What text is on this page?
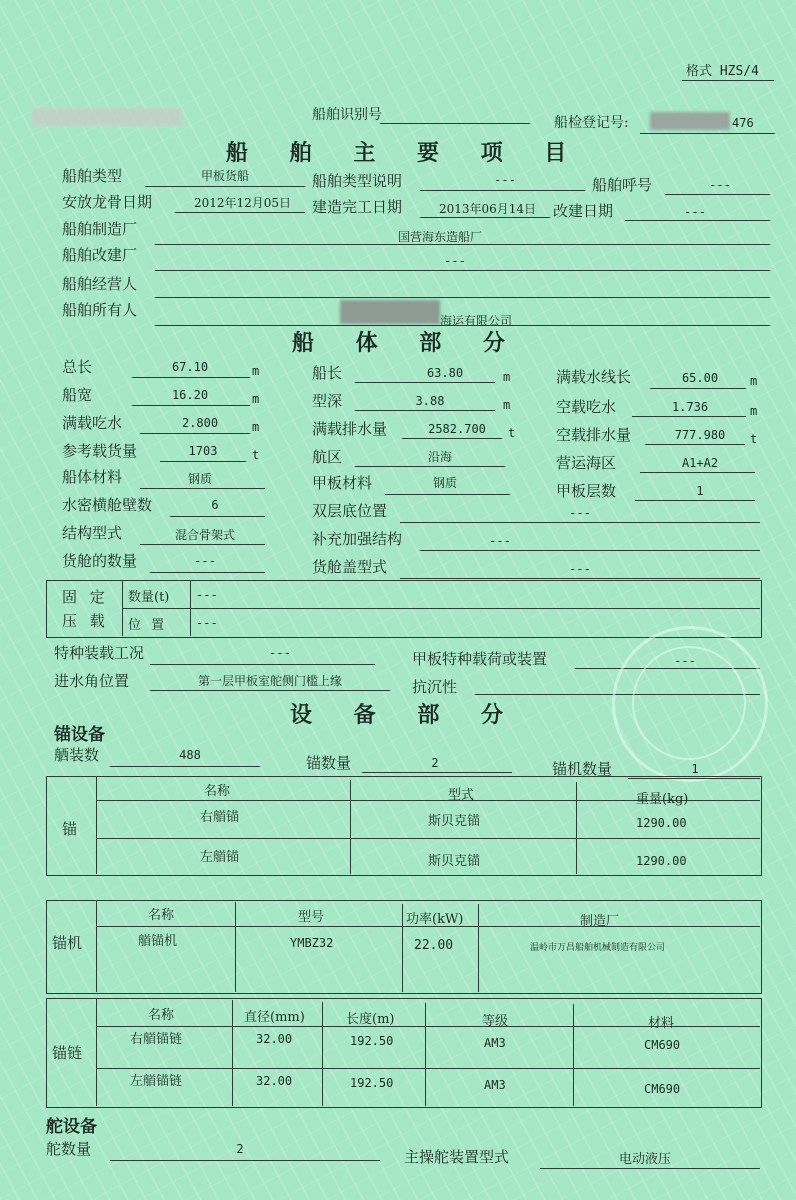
格式 HZS/4
船舶识别号	船检登记号:	476
船 舶 主 要 项 目
船舶类型	甲板货船	船舶类型说明	---	船舶呼号	---
安放龙骨日期	2012年12月05日	建造完工日期	2013年06月14日	改建日期	---
船舶制造厂	国营海东造船厂
船舶改建厂	---
船舶经营人
船舶所有人
海运有限公司
船 体 部 分
总长	67.10	m	船长	63.80	m	满载水线长	65.00	m
船宽	16.20	m	型深	3.88	m	空载吃水	1.736	m
满载吃水	2.800	m	满载排水量	2582.700	t	空载排水量	777.980	t
参考载货量	1703	t	航区	沿海	营运海区	A1+A2
船体材料	钢质	甲板材料	钢质	甲板层数	1
水密横舱壁数	6	双层底位置	---
结构型式	混合骨架式	补充加强结构	---
货舱的数量	---	货舱盖型式	---
固 定
压 载
数量(t) ---
位 置	---
特种装载工况	---	甲板特种载荷或装置	---
进水角位置	第一层甲板室舵侧门槛上缘	抗沉性
设 备 部 分
锚设备
舾装数	488	锚数量	2	锚机数量	1
锚
名称	型式	重量(kg)
右艏锚	斯贝克锚	1290.00
左艏锚	斯贝克锚	1290.00
锚机
名称	型号	功率(kW)	制造厂
艏锚机	YMBZ32	22.00	温岭市万昌船舶机械制造有限公司
锚链
名称	直径(mm)	长度(m)	等级	材料
右艏锚链	32.00	192.50	AM3	CM690
左艏锚链	32.00	192.50	AM3	CM690
舵设备
舵数量	2	主操舵装置型式	电动液压
